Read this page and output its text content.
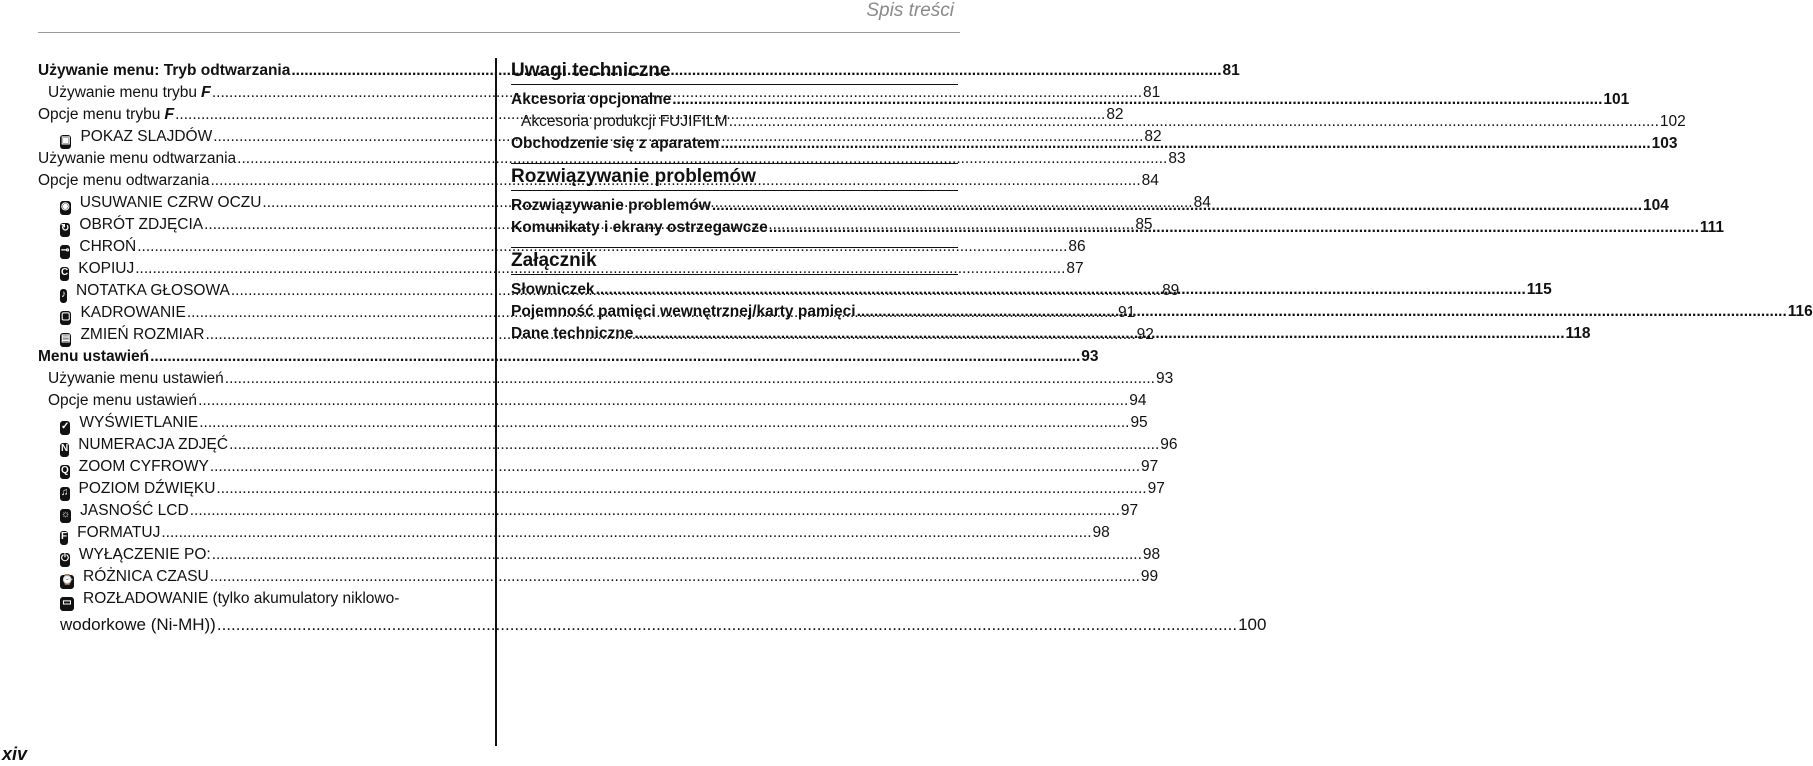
Spis treści
Używanie menu: Tryb odtwarzania .....	81
Używanie menu trybu F .....	81
Opcje menu trybu F .....	82
▣ POKAZ SLAJDÓW .....	82
Używanie menu odtwarzania .....	83
Opcje menu odtwarzania .....	84
◉ USUWANIE CZRW OCZU .....	84
↻ OBRÓT ZDJĘCIA .....	85
⊸ CHROŃ .....	86
C KOPIUJ .....	87
♪ NOTATKA GŁOSOWA .....	89
▢ KADROWANIE .....	91
▤ ZMIEŃ ROZMIAR .....	92
Menu ustawień .....	93
Używanie menu ustawień .....	93
Opcje menu ustawień .....	94
✓ WYŚWIETLANIE .....	95
N NUMERACJA ZDJĘĆ .....	96
Q ZOOM CYFROWY .....	97
♫ POZIOM DŹWIĘKU .....	97
☼ JASNOŚĆ LCD .....	97
F FORMATUJ .....	98
⏻ WYŁĄCZENIE PO: .....	98
⌚ RÓŻNICA CZASU .....	99
▭ ROZŁADOWANIE (tylko akumulatory niklowo-
wodorkowe (Ni-MH)) .....	100
Uwagi techniczne
Akcesoria opcjonalne .....	101
Akcesoria produkcji FUJIFILM .....	102
Obchodzenie się z aparatem .....	103
Rozwiązywanie problemów
Rozwiązywanie problemów .....	104
Komunikaty i ekrany ostrzegawcze .....	111
Załącznik
Słowniczek .....	115
Pojemność pamięci wewnętrznej/karty pamięci .....	116
Dane techniczne .....	118
xiv
